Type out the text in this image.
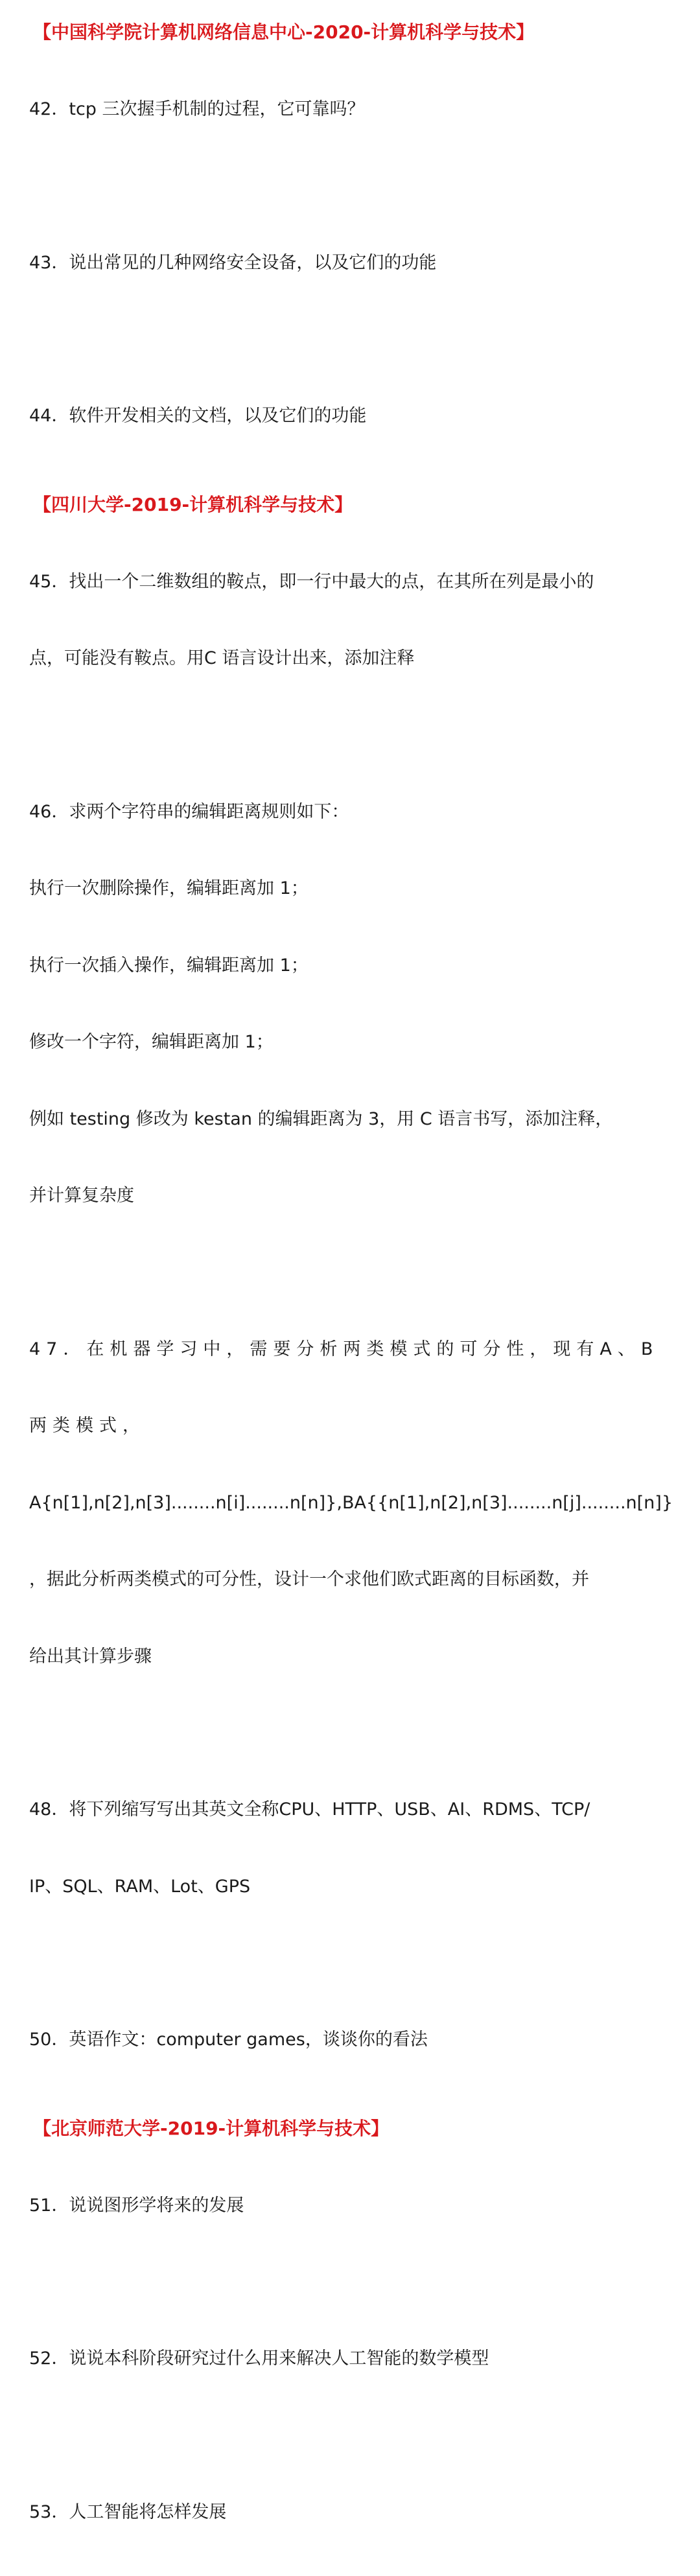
【中国科学院计算机网络信息中心-2020-计算机科学与技术】

42．tcp 三次握手机制的过程，它可靠吗？

43．说出常见的几种网络安全设备，以及它们的功能

44．软件开发相关的文档，以及它们的功能

【四川大学-2019-计算机科学与技术】

45．找出一个二维数组的鞍点，即一行中最大的点，在其所在列是最小的

点，可能没有鞍点。用C 语言设计出来，添加注释

46．求两个字符串的编辑距离规则如下：

执行一次删除操作，编辑距离加 1；

执行一次插入操作，编辑距离加 1；

修改一个字符，编辑距离加 1；

例如 testing 修改为 kestan 的编辑距离为 3，用 C 语言书写，添加注释，

并计算复杂度

47．在机器学习中，需要分析两类模式的可分性，现有A、B

两类模式，

A{n[1],n[2],n[3]........n[i]........n[n]},BA{{n[1],n[2],n[3]........n[j]........n[n]}

，据此分析两类模式的可分性，设计一个求他们欧式距离的目标函数，并

给出其计算步骤

48．将下列缩写写出其英文全称CPU、HTTP、USB、AI、RDMS、TCP/

IP、SQL、RAM、Lot、GPS

50．英语作文：computer games，谈谈你的看法

【北京师范大学-2019-计算机科学与技术】

51．说说图形学将来的发展

52．说说本科阶段研究过什么用来解决人工智能的数学模型

53．人工智能将怎样发展
